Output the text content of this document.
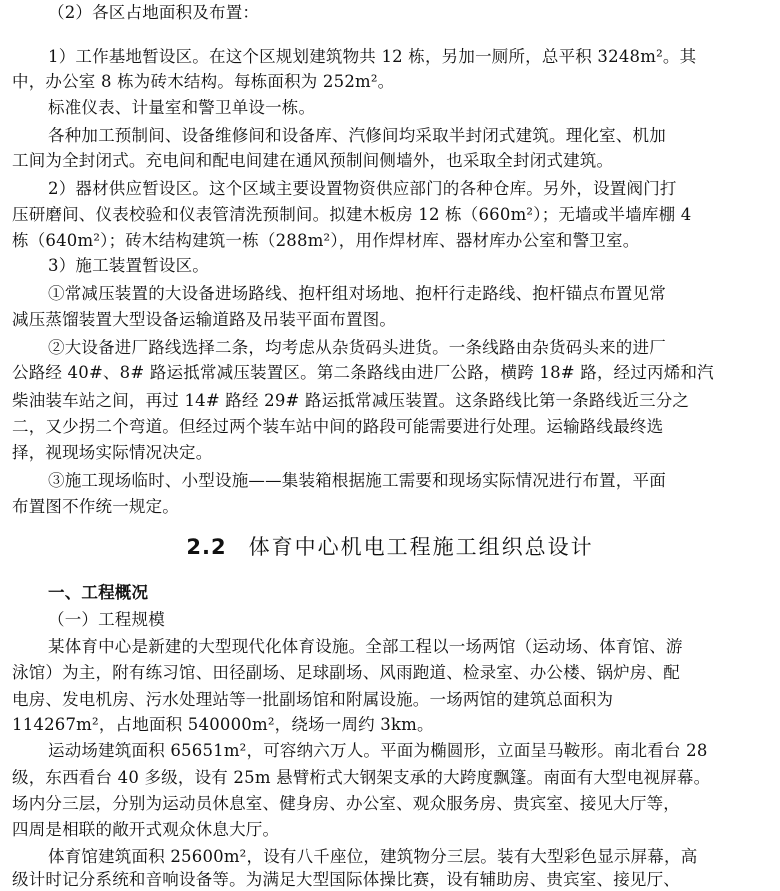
（2）各区占地面积及布置：
1）工作基地暂设区。在这个区规划建筑物共 12 栋，另加一厕所，总平积 3248m²。其
中，办公室 8 栋为砖木结构。每栋面积为 252m²。
标准仪表、计量室和警卫单设一栋。
各种加工预制间、设备维修间和设备库、汽修间均采取半封闭式建筑。理化室、机加
工间为全封闭式。充电间和配电间建在通风预制间侧墙外，也采取全封闭式建筑。
2）器材供应暂设区。这个区域主要设置物资供应部门的各种仓库。另外，设置阀门打
压研磨间、仪表校验和仪表管清洗预制间。拟建木板房 12 栋（660m²）；无墙或半墙库棚 4
栋（640m²）；砖木结构建筑一栋（288m²），用作焊材库、器材库办公室和警卫室。
3）施工装置暂设区。
①常减压装置的大设备进场路线、抱杆组对场地、抱杆行走路线、抱杆锚点布置见常
减压蒸馏装置大型设备运输道路及吊装平面布置图。
②大设备进厂路线选择二条，均考虑从杂货码头进货。一条线路由杂货码头来的进厂
公路经 40#、8# 路运抵常减压装置区。第二条路线由进厂公路，横跨 18# 路，经过丙烯和汽
柴油装车站之间，再过 14# 路经 29# 路运抵常减压装置。这条路线比第一条路线近三分之
二，又少拐二个弯道。但经过两个装车站中间的路段可能需要进行处理。运输路线最终选
择，视现场实际情况决定。
③施工现场临时、小型设施——集装箱根据施工需要和现场实际情况进行布置，平面
布置图不作统一规定。
2.2 体育中心机电工程施工组织总设计
一、工程概况
（一）工程规模
某体育中心是新建的大型现代化体育设施。全部工程以一场两馆（运动场、体育馆、游
泳馆）为主，附有练习馆、田径副场、足球副场、风雨跑道、检录室、办公楼、锅炉房、配
电房、发电机房、污水处理站等一批副场馆和附属设施。一场两馆的建筑总面积为
114267m²，占地面积 540000m²，绕场一周约 3km。
运动场建筑面积 65651m²，可容纳六万人。平面为椭圆形，立面呈马鞍形。南北看台 28
级，东西看台 40 多级，设有 25m 悬臂桁式大钢架支承的大跨度飘篷。南面有大型电视屏幕。
场内分三层，分别为运动员休息室、健身房、办公室、观众服务房、贵宾室、接见大厅等，
四周是相联的敞开式观众休息大厅。
体育馆建筑面积 25600m²，设有八千座位，建筑物分三层。装有大型彩色显示屏幕，高
级计时记分系统和音响设备等。为满足大型国际体操比赛，设有辅助房、贵宾室、接见厅、
